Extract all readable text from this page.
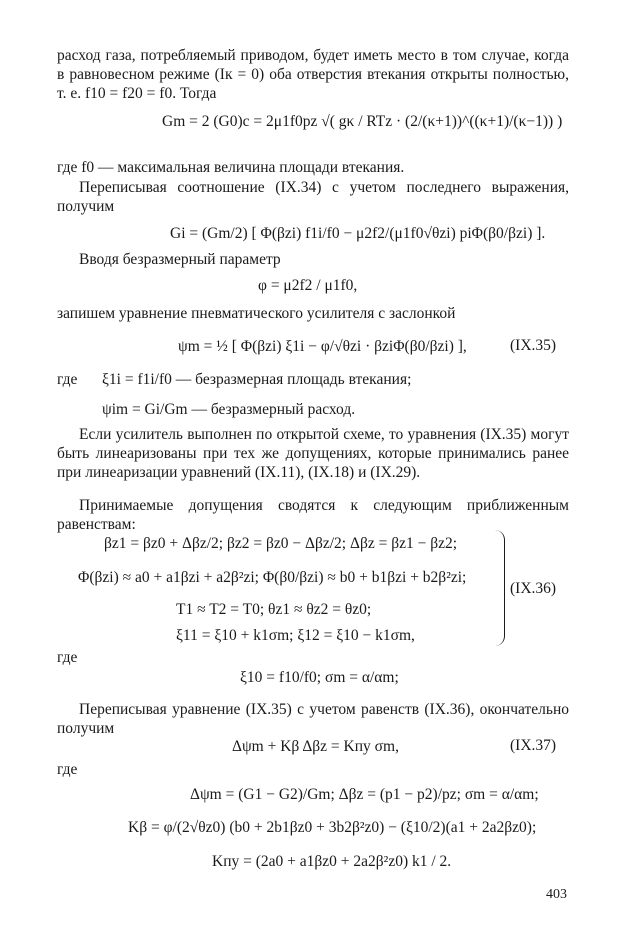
расход газа, потребляемый приводом, будет иметь место в том случае, когда в равновесном режиме (Iк = 0) оба отверстия втекания открыты полностью, т. е. f10 = f20 = f0. Тогда

Gm = 2 (G0)c = 2μ1f0pz √( gκ / RTz · (2/(κ+1))^((κ+1)/(κ−1)) )

где f0 — максимальная величина площади втекания.

Переписывая соотношение (IX.34) с учетом последнего выражения, получим

Gi = (Gm/2) [ Φ(βzi) f1i/f0 − μ2f2/(μ1f0√θzi) piΦ(β0/βzi) ].

Вводя безразмерный параметр

φ = μ2f2 / μ1f0,

запишем уравнение пневматического усилителя с заслонкой

ψm = ½ [ Φ(βzi) ξ1i − φ/√θzi · βziΦ(β0/βzi) ],	(IX.35)
где ξ1i = f1i/f0 — безразмерная площадь втекания;
ψim = Gi/Gm — безразмерный расход.

Если усилитель выполнен по открытой схеме, то уравнения (IX.35) могут быть линеаризованы при тех же допущениях, которые принимались ранее при линеаризации уравнений (IX.11), (IX.18) и (IX.29).

Принимаемые допущения сводятся к следующим приближенным равенствам:

βz1 = βz0 + Δβz/2; βz2 = βz0 − Δβz/2; Δβz = βz1 − βz2;
Φ(βzi) ≈ a0 + a1βzi + a2β²zi; Φ(β0/βzi) ≈ b0 + b1βzi + b2β²zi;
T1 ≈ T2 = T0; θz1 ≈ θz2 = θz0;
ξ11 = ξ10 + k1σm; ξ12 = ξ10 − k1σm,
(IX.36)

где

ξ10 = f10/f0; σm = α/αm;

Переписывая уравнение (IX.35) с учетом равенств (IX.36), окончательно получим

Δψm + Kβ Δβz = Kпу σm,	(IX.37)

где

Δψm = (G1 − G2)/Gm; Δβz = (p1 − p2)/pz; σm = α/αm;
Kβ = φ/(2√θz0) (b0 + 2b1βz0 + 3b2β²z0) − (ξ10/2)(a1 + 2a2βz0);
Kпу = (2a0 + a1βz0 + 2a2β²z0) k1 / 2.
403
